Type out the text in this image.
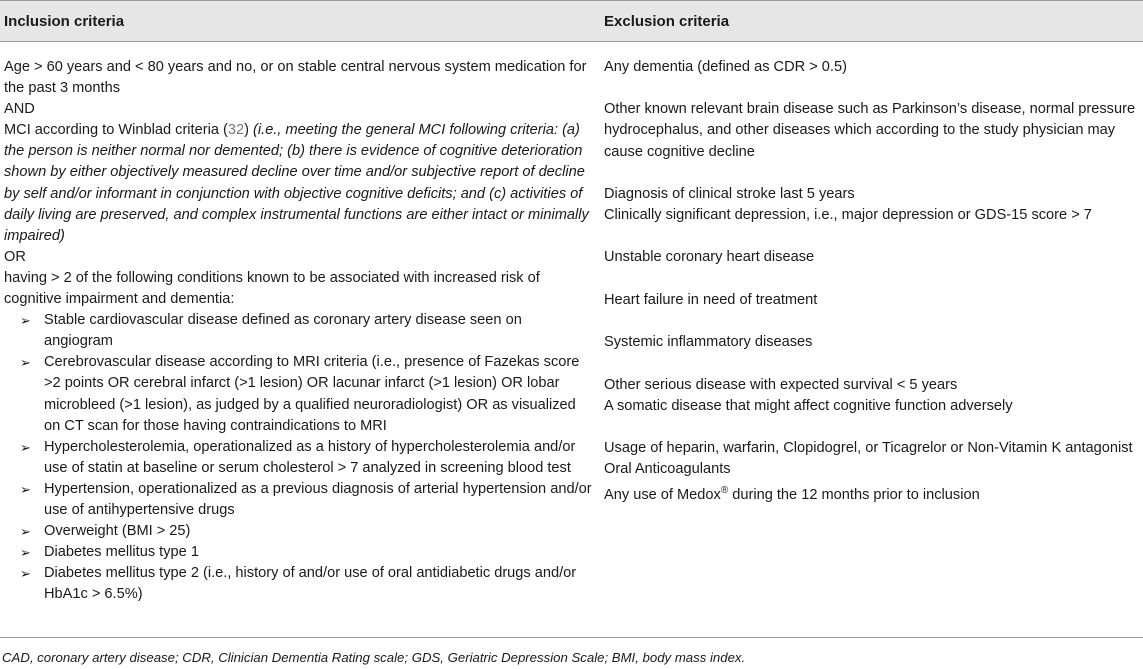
Inclusion criteria	Exclusion criteria

Age > 60 years and < 80 years and no, or on stable central nervous system medication for the past 3 months

AND

MCI according to Winblad criteria (32) (i.e., meeting the general MCI following criteria: (a) the person is neither normal nor demented; (b) there is evidence of cognitive deterioration shown by either objectively measured decline over time and/or subjective report of decline by self and/or informant in conjunction with objective cognitive deficits; and (c) activities of daily living are preserved, and complex instrumental functions are either intact or minimally impaired)

OR

having > 2 of the following conditions known to be associated with increased risk of cognitive impairment and dementia:

➢ Stable cardiovascular disease defined as coronary artery disease seen on angiogram
➢ Cerebrovascular disease according to MRI criteria (i.e., presence of Fazekas score >2 points OR cerebral infarct (>1 lesion) OR lacunar infarct (>1 lesion) OR lobar microbleed (>1 lesion), as judged by a qualified neuroradiologist) OR as visualized on CT scan for those having contraindications to MRI
➢ Hypercholesterolemia, operationalized as a history of hypercholesterolemia and/or use of statin at baseline or serum cholesterol > 7 analyzed in screening blood test
➢ Hypertension, operationalized as a previous diagnosis of arterial hypertension and/or use of antihypertensive drugs
➢ Overweight (BMI > 25)
➢ Diabetes mellitus type 1
➢ Diabetes mellitus type 2 (i.e., history of and/or use of oral antidiabetic drugs and/or HbA1c > 6.5%)

Any dementia (defined as CDR > 0.5)

Other known relevant brain disease such as Parkinson’s disease, normal pressure hydrocephalus, and other diseases which according to the study physician may cause cognitive decline

Diagnosis of clinical stroke last 5 years

Clinically significant depression, i.e., major depression or GDS-15 score > 7

Unstable coronary heart disease

Heart failure in need of treatment

Systemic inflammatory diseases

Other serious disease with expected survival < 5 years

A somatic disease that might affect cognitive function adversely

Usage of heparin, warfarin, Clopidogrel, or Ticagrelor or Non-Vitamin K antagonist Oral Anticoagulants

Any use of Medox® during the 12 months prior to inclusion

CAD, coronary artery disease; CDR, Clinician Dementia Rating scale; GDS, Geriatric Depression Scale; BMI, body mass index.
